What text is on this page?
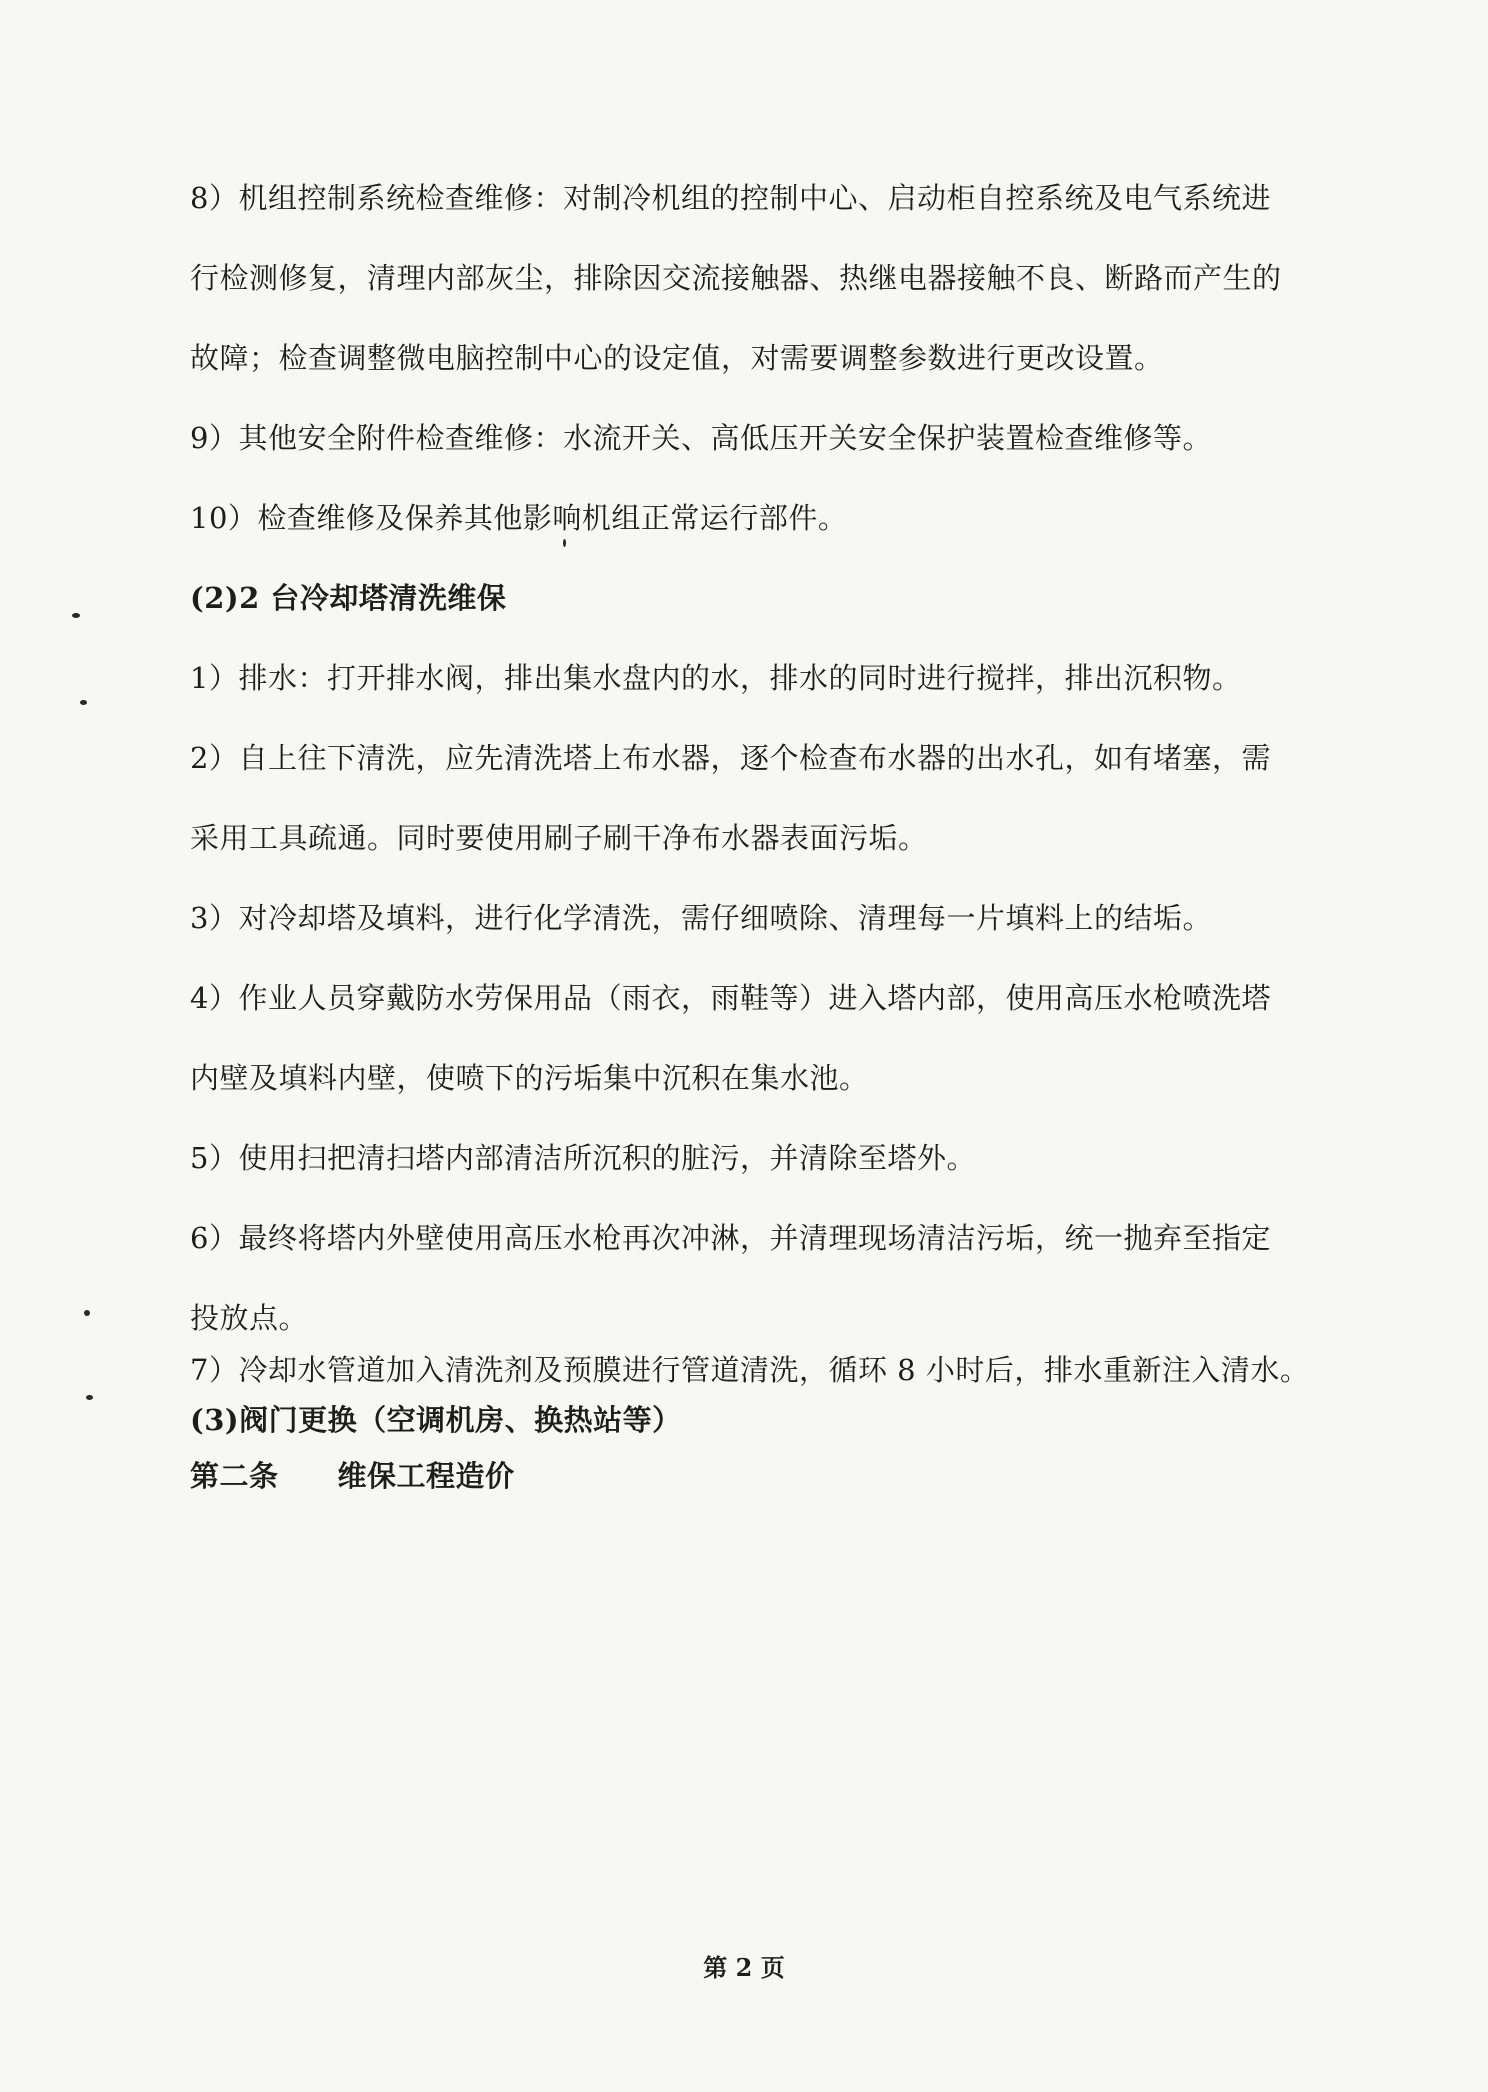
8）机组控制系统检查维修：对制冷机组的控制中心、启动柜自控系统及电气系统进
行检测修复，清理内部灰尘，排除因交流接触器、热继电器接触不良、断路而产生的
故障；检查调整微电脑控制中心的设定值，对需要调整参数进行更改设置。
9）其他安全附件检查维修：水流开关、高低压开关安全保护装置检查维修等。
10）检查维修及保养其他影响机组正常运行部件。
(2)2 台冷却塔清洗维保
1）排水：打开排水阀，排出集水盘内的水，排水的同时进行搅拌，排出沉积物。
2）自上往下清洗，应先清洗塔上布水器，逐个检查布水器的出水孔，如有堵塞，需
采用工具疏通。同时要使用刷子刷干净布水器表面污垢。
3）对冷却塔及填料，进行化学清洗，需仔细喷除、清理每一片填料上的结垢。
4）作业人员穿戴防水劳保用品（雨衣，雨鞋等）进入塔内部，使用高压水枪喷洗塔
内壁及填料内壁，使喷下的污垢集中沉积在集水池。
5）使用扫把清扫塔内部清洁所沉积的脏污，并清除至塔外。
6）最终将塔内外壁使用高压水枪再次冲淋，并清理现场清洁污垢，统一抛弃至指定
投放点。
7）冷却水管道加入清洗剂及预膜进行管道清洗，循环 8 小时后，排水重新注入清水。
(3)阀门更换（空调机房、换热站等）
第二条　　维保工程造价
第 2 页
